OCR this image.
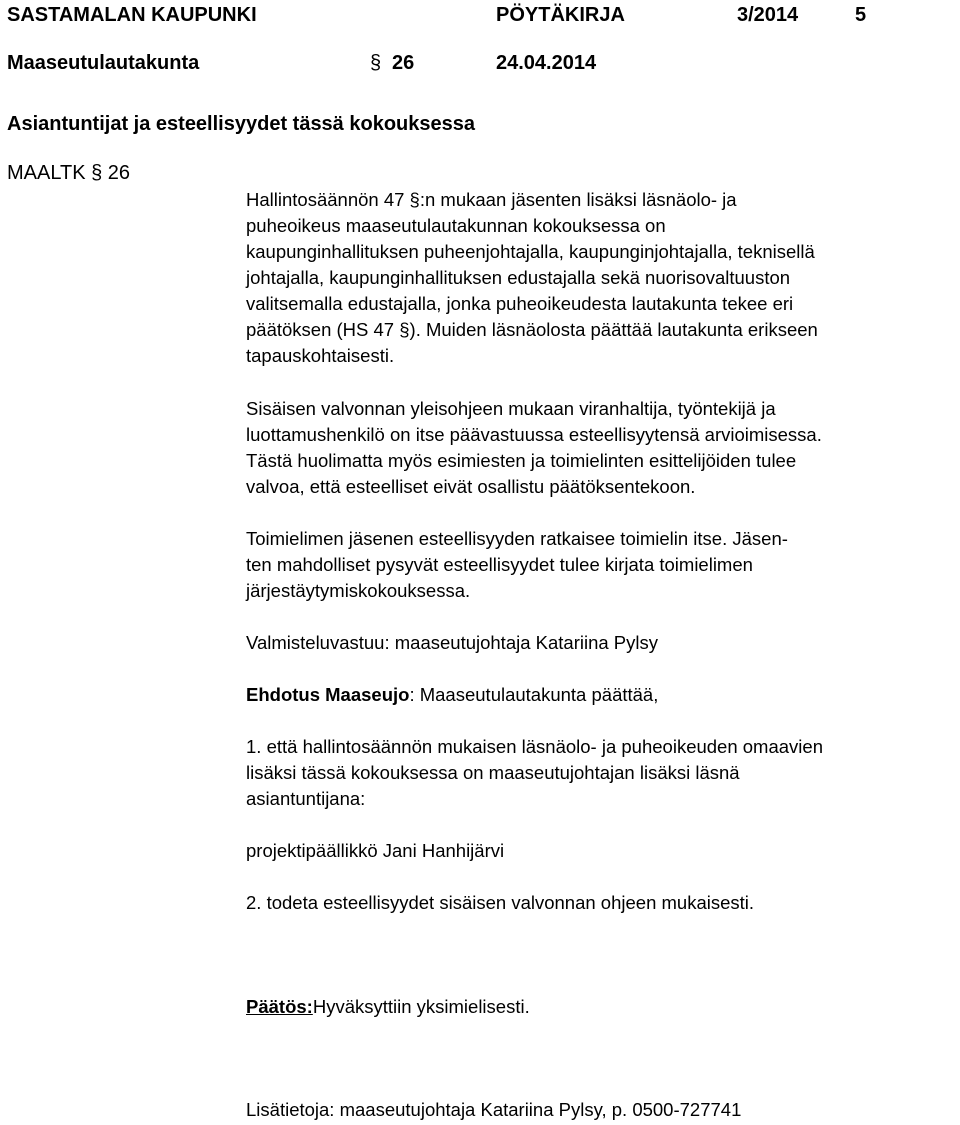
SASTAMALAN KAUPUNKI	PÖYTÄKIRJA	3/2014	5
Maaseutulautakunta	§ 26	24.04.2014
Asiantuntijat ja esteellisyydet tässä kokouksessa
MAALTK § 26
Hallintosäännön 47 §:n mukaan jäsenten lisäksi läsnäolo- ja
puheoikeus maaseutulautakunnan kokouksessa on
kaupunginhallituksen puheenjohtajalla, kaupunginjohtajalla, teknisellä
johtajalla, kaupunginhallituksen edustajalla sekä nuorisovaltuuston
valitsemalla edustajalla, jonka puheoikeudesta lautakunta tekee eri
päätöksen (HS 47 §). Muiden läsnäolosta päättää lautakunta erikseen
tapauskohtaisesti.
Sisäisen valvonnan yleisohjeen mukaan viranhaltija, työntekijä ja
luottamushenkilö on itse päävastuussa esteellisyytensä arvioimisessa.
Tästä huolimatta myös esimiesten ja toimielinten esittelijöiden tulee
valvoa, että esteelliset eivät osallistu päätöksentekoon.
Toimielimen jäsenen esteellisyyden ratkaisee toimielin itse. Jäsen-
ten mahdolliset pysyvät esteellisyydet tulee kirjata toimielimen
järjestäytymiskokouksessa.
Valmisteluvastuu: maaseutujohtaja Katariina Pylsy
Ehdotus Maaseujo: Maaseutulautakunta päättää,
1. että hallintosäännön mukaisen läsnäolo- ja puheoikeuden omaavien
lisäksi tässä kokouksessa on maaseutujohtajan lisäksi läsnä
asiantuntijana:
projektipäällikkö Jani Hanhijärvi
2. todeta esteellisyydet sisäisen valvonnan ohjeen mukaisesti.
Päätös:Hyväksyttiin yksimielisesti.
Lisätietoja: maaseutujohtaja Katariina Pylsy, p. 0500-727741
